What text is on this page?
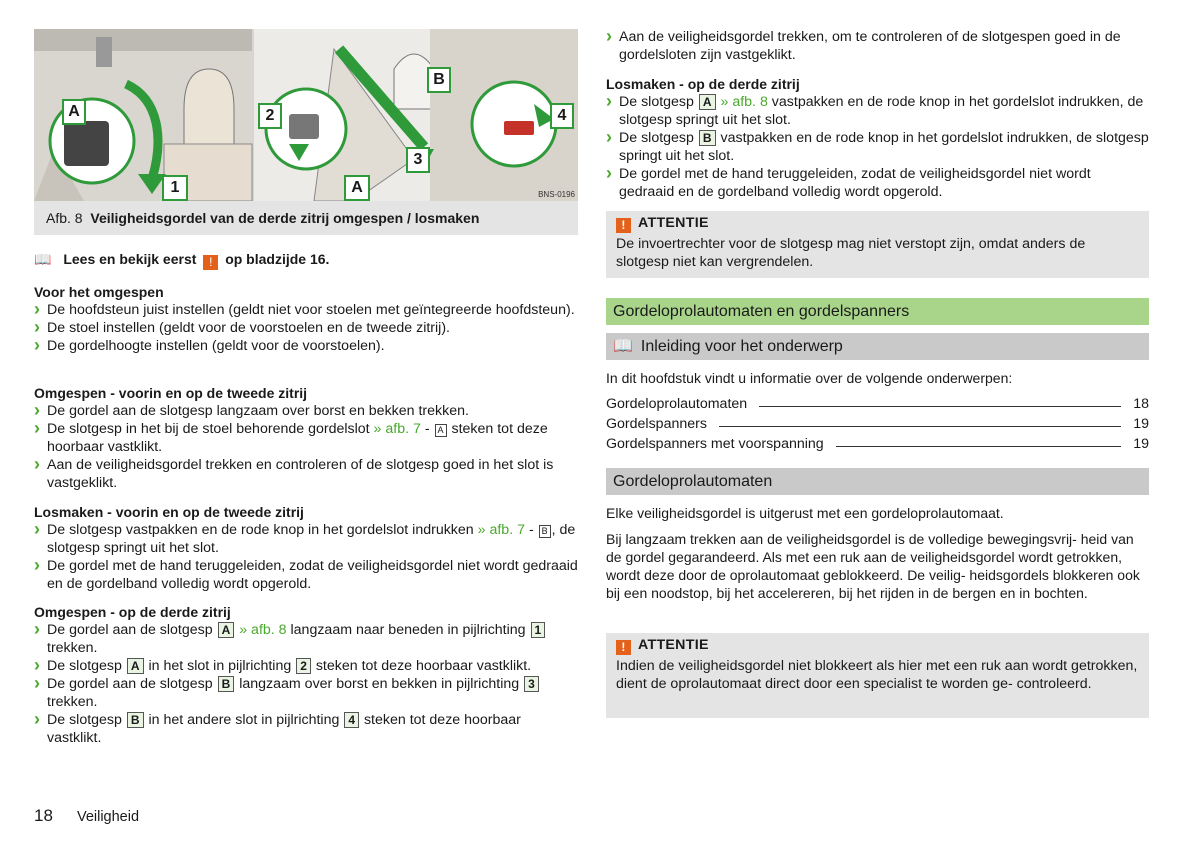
A
1
2
B
3
A
4
BNS-0196
Afb. 8 Veiligheidsgordel van de derde zitrij omgespen / losmaken
📖 Lees en bekijk eerst ! op bladzijde 16.
Voor het omgespen
› De hoofdsteun juist instellen (geldt niet voor stoelen met geïntegreerde hoofdsteun).
› De stoel instellen (geldt voor de voorstoelen en de tweede zitrij).
› De gordelhoogte instellen (geldt voor de voorstoelen).
Omgespen - voorin en op de tweede zitrij
› De gordel aan de slotgesp langzaam over borst en bekken trekken.
› De slotgesp in het bij de stoel behorende gordelslot » afb. 7 - A steken tot deze hoorbaar vastklikt.
› Aan de veiligheidsgordel trekken en controleren of de slotgesp goed in het slot is vastgeklikt.
Losmaken - voorin en op de tweede zitrij
› De slotgesp vastpakken en de rode knop in het gordelslot indrukken » afb. 7 - B , de slotgesp springt uit het slot.
› De gordel met de hand teruggeleiden, zodat de veiligheidsgordel niet wordt gedraaid en de gordelband volledig wordt opgerold.
Omgespen - op de derde zitrij
› De gordel aan de slotgesp A » afb. 8 langzaam naar beneden in pijlrichting 1 trekken.
› De slotgesp A in het slot in pijlrichting 2 steken tot deze hoorbaar vastklikt.
› De gordel aan de slotgesp B langzaam over borst en bekken in pijlrichting 3 trekken.
› De slotgesp B in het andere slot in pijlrichting 4 steken tot deze hoorbaar vastklikt.
› Aan de veiligheidsgordel trekken, om te controleren of de slotgespen goed in de gordelsloten zijn vastgeklikt.
Losmaken - op de derde zitrij
› De slotgesp A » afb. 8 vastpakken en de rode knop in het gordelslot indrukken, de slotgesp springt uit het slot.
› De slotgesp B vastpakken en de rode knop in het gordelslot indrukken, de slotgesp springt uit het slot.
› De gordel met de hand teruggeleiden, zodat de veiligheidsgordel niet wordt gedraaid en de gordelband volledig wordt opgerold.
! ATTENTIE
De invoertrechter voor de slotgesp mag niet verstopt zijn, omdat anders de slotgesp niet kan vergrendelen.
Gordeloprolautomaten en gordelspanners
📖 Inleiding voor het onderwerp
In dit hoofdstuk vindt u informatie over de volgende onderwerpen:
Gordeloprolautomaten	18
Gordelspanners	19
Gordelspanners met voorspanning	19
Gordeloprolautomaten
Elke veiligheidsgordel is uitgerust met een gordeloprolautomaat.
Bij langzaam trekken aan de veiligheidsgordel is de volledige bewegingsvrij- heid van de gordel gegarandeerd. Als met een ruk aan de veiligheidsgordel wordt getrokken, wordt deze door de oprolautomaat geblokkeerd. De veilig- heidsgordels blokkeren ook bij een noodstop, bij het accelereren, bij het rijden in de bergen en in bochten.
! ATTENTIE
Indien de veiligheidsgordel niet blokkeert als hier met een ruk aan wordt getrokken, dient de oprolautomaat direct door een specialist te worden ge- controleerd.
18 Veiligheid
